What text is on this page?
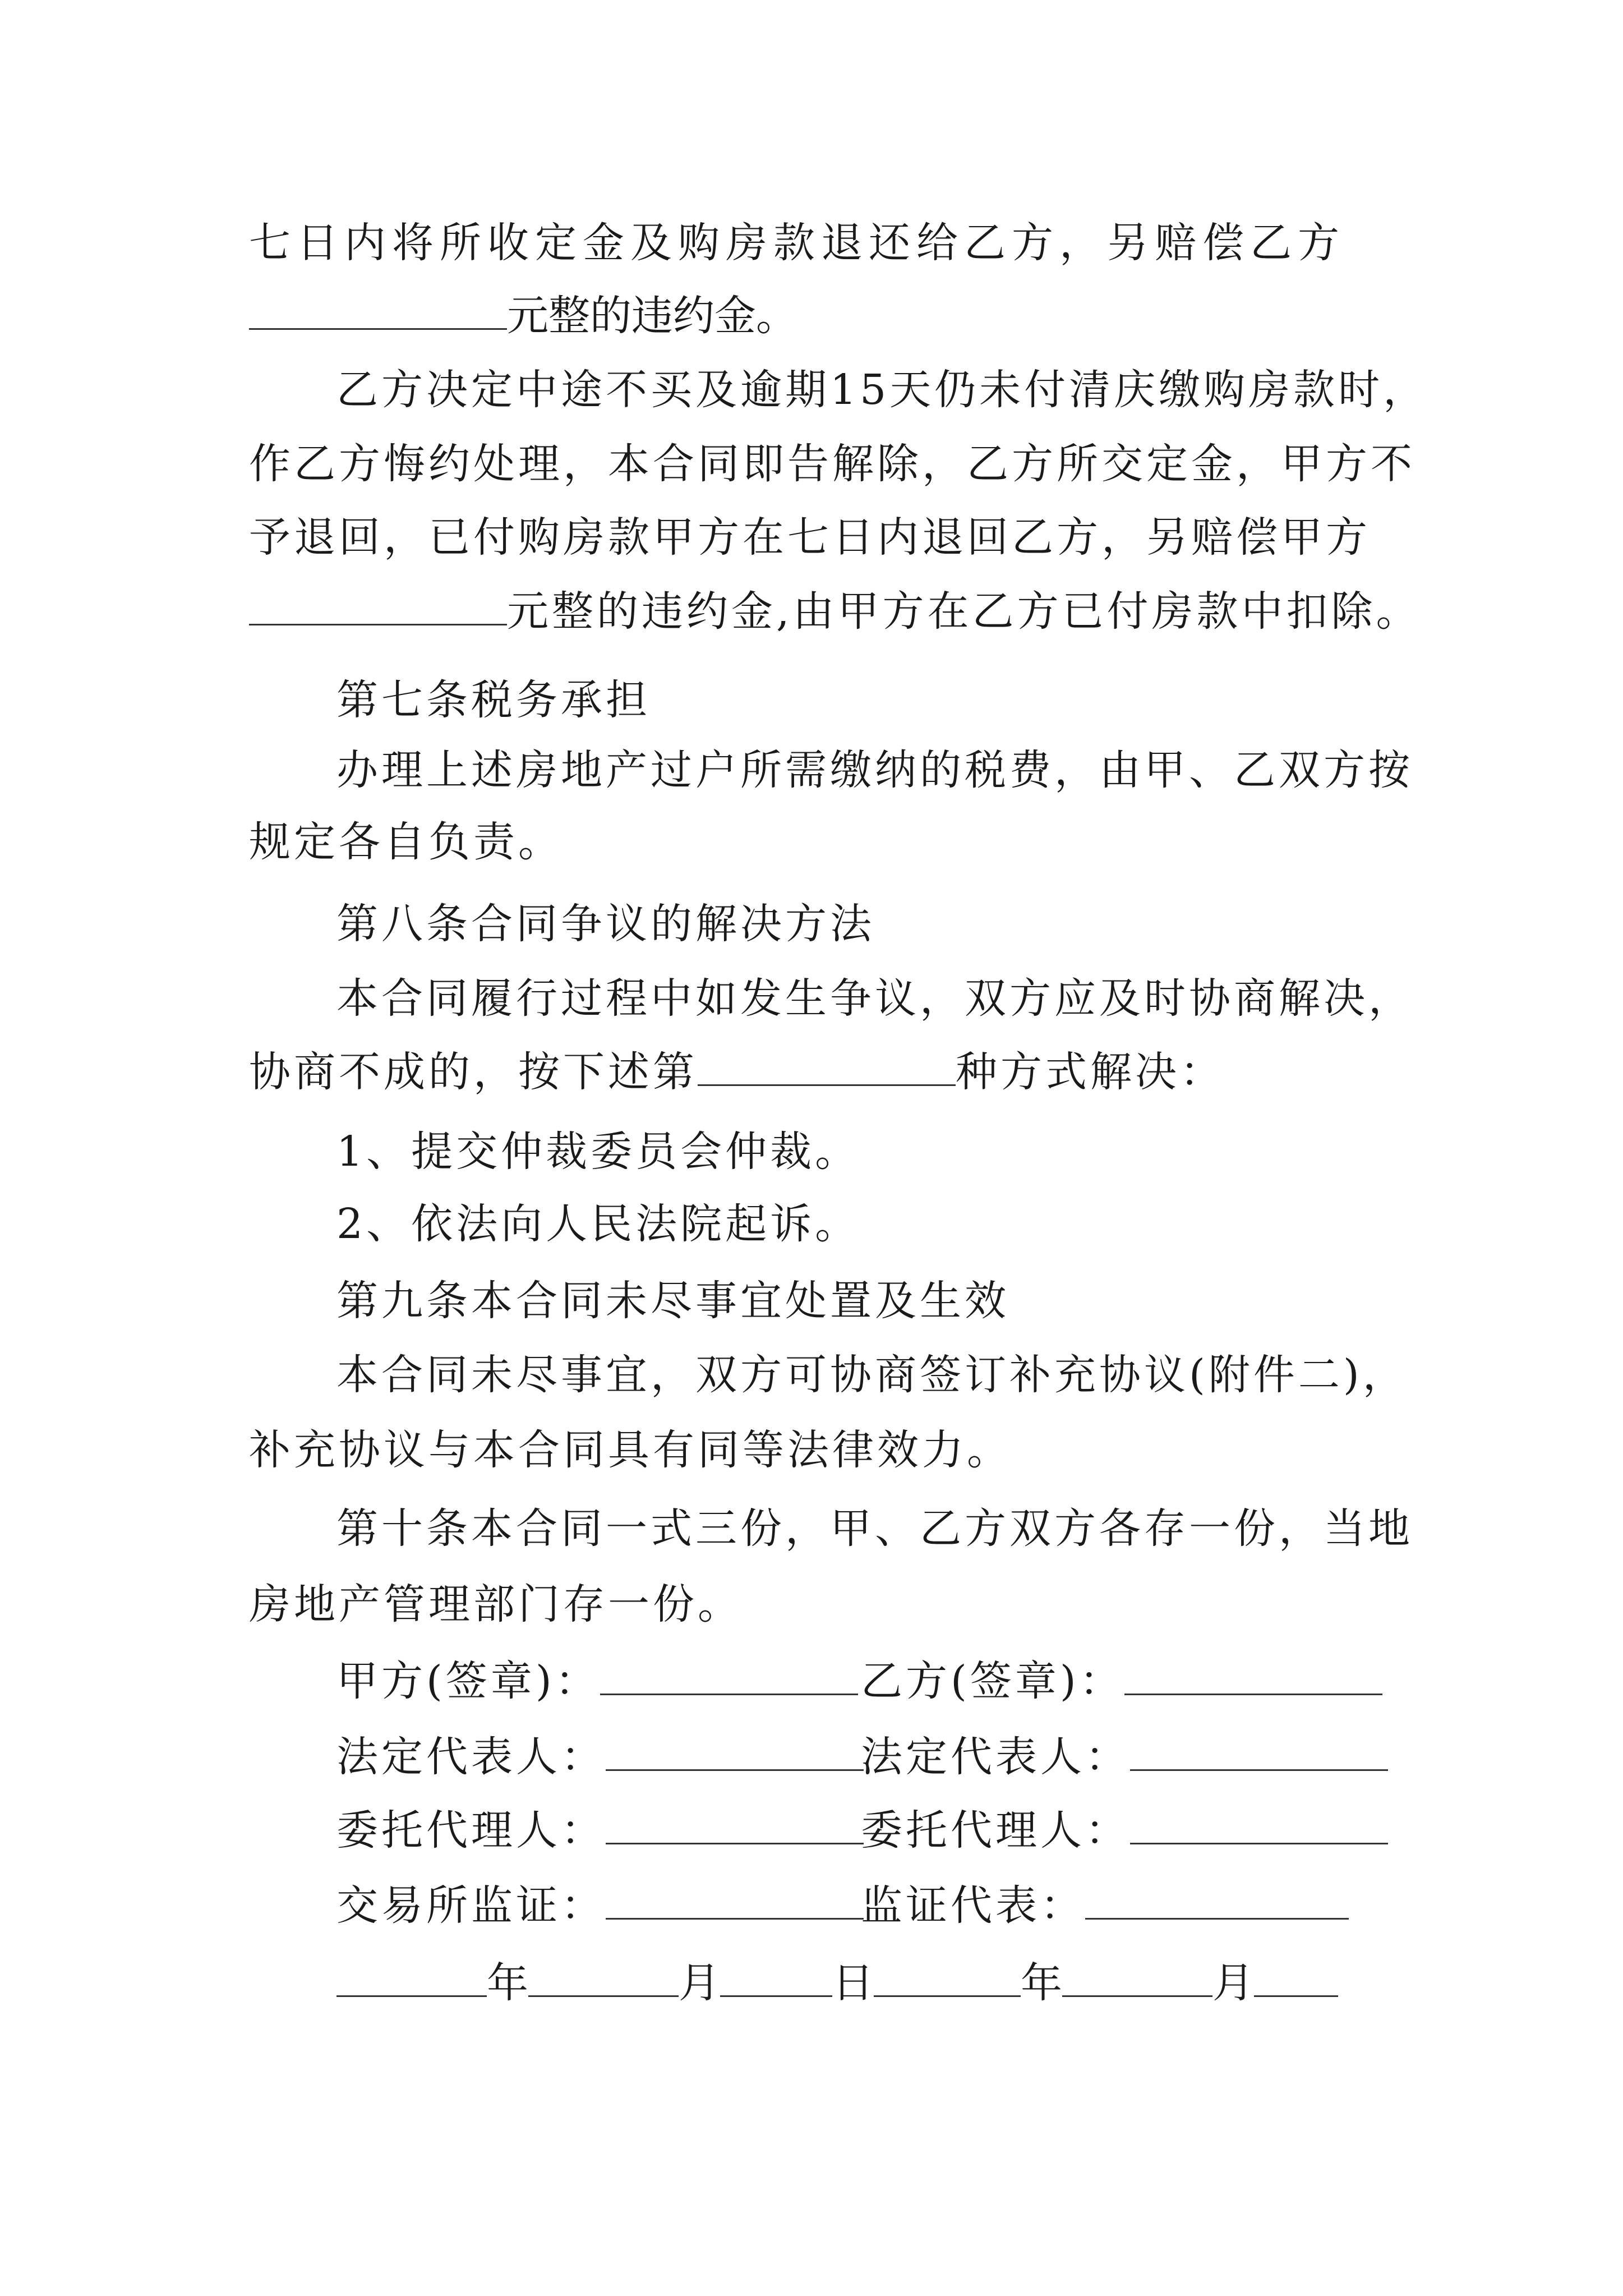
七日内将所收定金及购房款退还给乙方，另赔偿乙方
元整的违约金。
乙方决定中途不买及逾期15天仍未付清庆缴购房款时，
作乙方悔约处理，本合同即告解除，乙方所交定金，甲方不
予退回，已付购房款甲方在七日内退回乙方，另赔偿甲方
元整的违约金,由甲方在乙方已付房款中扣除。
第七条税务承担
办理上述房地产过户所需缴纳的税费，由甲、乙双方按
规定各自负责。
第八条合同争议的解决方法
本合同履行过程中如发生争议，双方应及时协商解决，
协商不成的，按下述第	种方式解决：
1、提交仲裁委员会仲裁。
2、依法向人民法院起诉。
第九条本合同未尽事宜处置及生效
本合同未尽事宜，双方可协商签订补充协议(附件二)，
补充协议与本合同具有同等法律效力。
第十条本合同一式三份，甲、乙方双方各存一份，当地
房地产管理部门存一份。
甲方(签章)：	乙方(签章)：
法定代表人：	法定代表人：
委托代理人：	委托代理人：
交易所监证：	监证代表：
年	月	日	年	月
